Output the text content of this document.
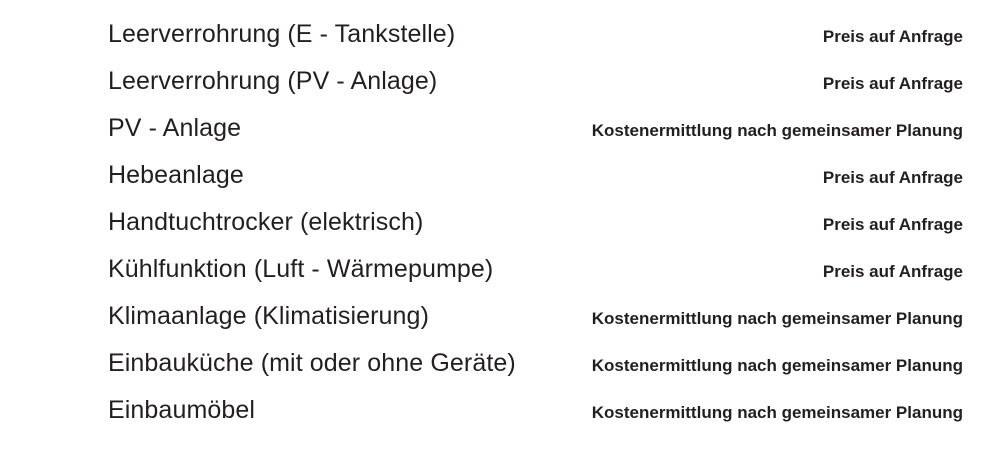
Leerverrohrung (E - Tankstelle)	Preis auf Anfrage
Leerverrohrung (PV - Anlage)	Preis auf Anfrage
PV - Anlage	Kostenermittlung nach gemeinsamer Planung
Hebeanlage	Preis auf Anfrage
Handtuchtrocker (elektrisch)	Preis auf Anfrage
Kühlfunktion (Luft - Wärmepumpe)	Preis auf Anfrage
Klimaanlage (Klimatisierung)	Kostenermittlung nach gemeinsamer Planung
Einbauküche (mit oder ohne Geräte)	Kostenermittlung nach gemeinsamer Planung
Einbaumöbel	Kostenermittlung nach gemeinsamer Planung
